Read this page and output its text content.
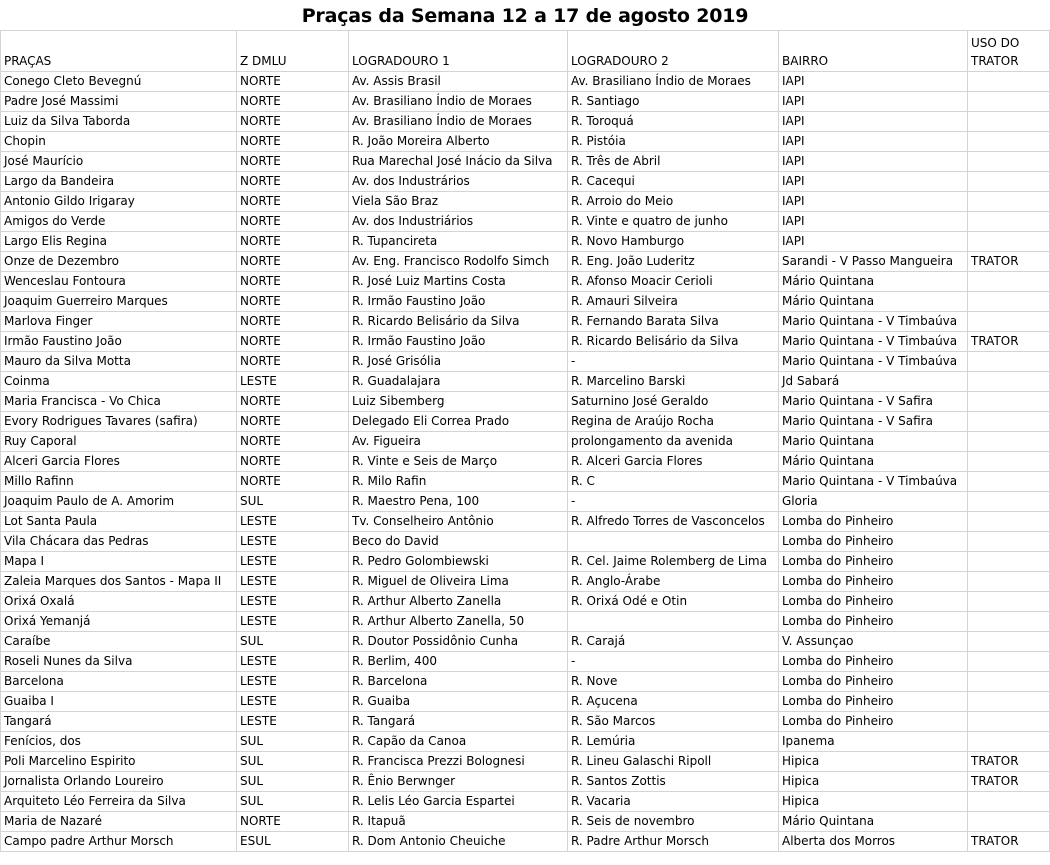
Praças da Semana 12 a 17 de agosto 2019
PRAÇAS	Z DMLU	LOGRADOURO 1	LOGRADOURO 2	BAIRRO	USO DO TRATOR
Conego Cleto Bevegnú	NORTE	Av. Assis Brasil	Av. Brasiliano Índio de Moraes	IAPI	
Padre José Massimi	NORTE	Av. Brasiliano Índio de Moraes	R. Santiago	IAPI	
Luiz da Silva Taborda	NORTE	Av. Brasiliano Índio de Moraes	R. Toroquá	IAPI	
Chopin	NORTE	R. João Moreira Alberto	R. Pistóia	IAPI	
José Maurício	NORTE	Rua Marechal José Inácio da Silva	R. Três de Abril	IAPI	
Largo da Bandeira	NORTE	Av. dos Industrários	R. Cacequi	IAPI	
Antonio Gildo Irigaray	NORTE	Viela São Braz	R. Arroio do Meio	IAPI	
Amigos do Verde	NORTE	Av. dos Industriários	R. Vinte e quatro de junho	IAPI	
Largo Elis Regina	NORTE	R. Tupancireta	R. Novo Hamburgo	IAPI	
Onze de Dezembro	NORTE	Av. Eng. Francisco Rodolfo Simch	R. Eng. João Luderitz	Sarandi - V Passo Mangueira	TRATOR
Wenceslau Fontoura	NORTE	R. José Luiz Martins Costa	R. Afonso Moacir Cerioli	Mário Quintana	
Joaquim Guerreiro Marques	NORTE	R. Irmão Faustino João	R. Amauri Silveira	Mário Quintana	
Marlova Finger	NORTE	R. Ricardo Belisário da Silva	R. Fernando Barata Silva	Mario Quintana - V Timbaúva	
Irmão Faustino João	NORTE	R. Irmão Faustino João	R. Ricardo Belisário da Silva	Mario Quintana - V Timbaúva	TRATOR
Mauro da Silva Motta	NORTE	R. José Grisólia	-	Mario Quintana - V Timbaúva	
Coinma	LESTE	R. Guadalajara	R. Marcelino Barski	Jd Sabará	
Maria Francisca - Vo Chica	NORTE	Luiz Sibemberg	Saturnino José Geraldo	Mario Quintana - V Safira	
Evory Rodrigues Tavares (safira)	NORTE	Delegado Eli Correa Prado	Regina de Araújo Rocha	Mario Quintana - V Safira	
Ruy Caporal	NORTE	Av. Figueira	prolongamento da avenida	Mario Quintana	
Alceri Garcia Flores	NORTE	R. Vinte e Seis de Março	R. Alceri Garcia Flores	Mário Quintana	
Millo Rafinn	NORTE	R. Milo Rafin	R. C	Mario Quintana - V Timbaúva	
Joaquim Paulo de A. Amorim	SUL	R. Maestro Pena, 100	-	Gloria	
Lot Santa Paula	LESTE	Tv. Conselheiro Antônio	R. Alfredo Torres de Vasconcelos	Lomba do Pinheiro	
Vila Chácara das Pedras	LESTE	Beco do David		Lomba do Pinheiro	
Mapa I	LESTE	R. Pedro Golombiewski	R. Cel. Jaime Rolemberg de Lima	Lomba do Pinheiro	
Zaleia Marques dos Santos - Mapa II	LESTE	R. Miguel de Oliveira Lima	R. Anglo-Árabe	Lomba do Pinheiro	
Orixá Oxalá	LESTE	R. Arthur Alberto Zanella	R. Orixá Odé e Otin	Lomba do Pinheiro	
Orixá Yemanjá	LESTE	R. Arthur Alberto Zanella, 50		Lomba do Pinheiro	
Caraíbe	SUL	R. Doutor Possidônio Cunha	R. Carajá	V. Assunçao	
Roseli Nunes da Silva	LESTE	R. Berlim, 400	-	Lomba do Pinheiro	
Barcelona	LESTE	R. Barcelona	R. Nove	Lomba do Pinheiro	
Guaiba I	LESTE	R. Guaiba	R. Açucena	Lomba do Pinheiro	
Tangará	LESTE	R. Tangará	R. São Marcos	Lomba do Pinheiro	
Fenícios, dos	SUL	R. Capão da Canoa	R. Lemúria	Ipanema	
Poli Marcelino Espirito	SUL	R. Francisca Prezzi Bolognesi	R. Lineu Galaschi Ripoll	Hipica	TRATOR
Jornalista Orlando Loureiro	SUL	R. Ênio Berwnger	R. Santos Zottis	Hipica	TRATOR
Arquiteto Léo Ferreira da Silva	SUL	R. Lelis Léo Garcia Espartei	R. Vacaria	Hipica	
Maria de Nazaré	NORTE	R. Itapuã	R. Seis de novembro	Mário Quintana	
Campo padre Arthur Morsch	ESUL	R. Dom Antonio Cheuiche	R. Padre Arthur Morsch	Alberta dos Morros	TRATOR
